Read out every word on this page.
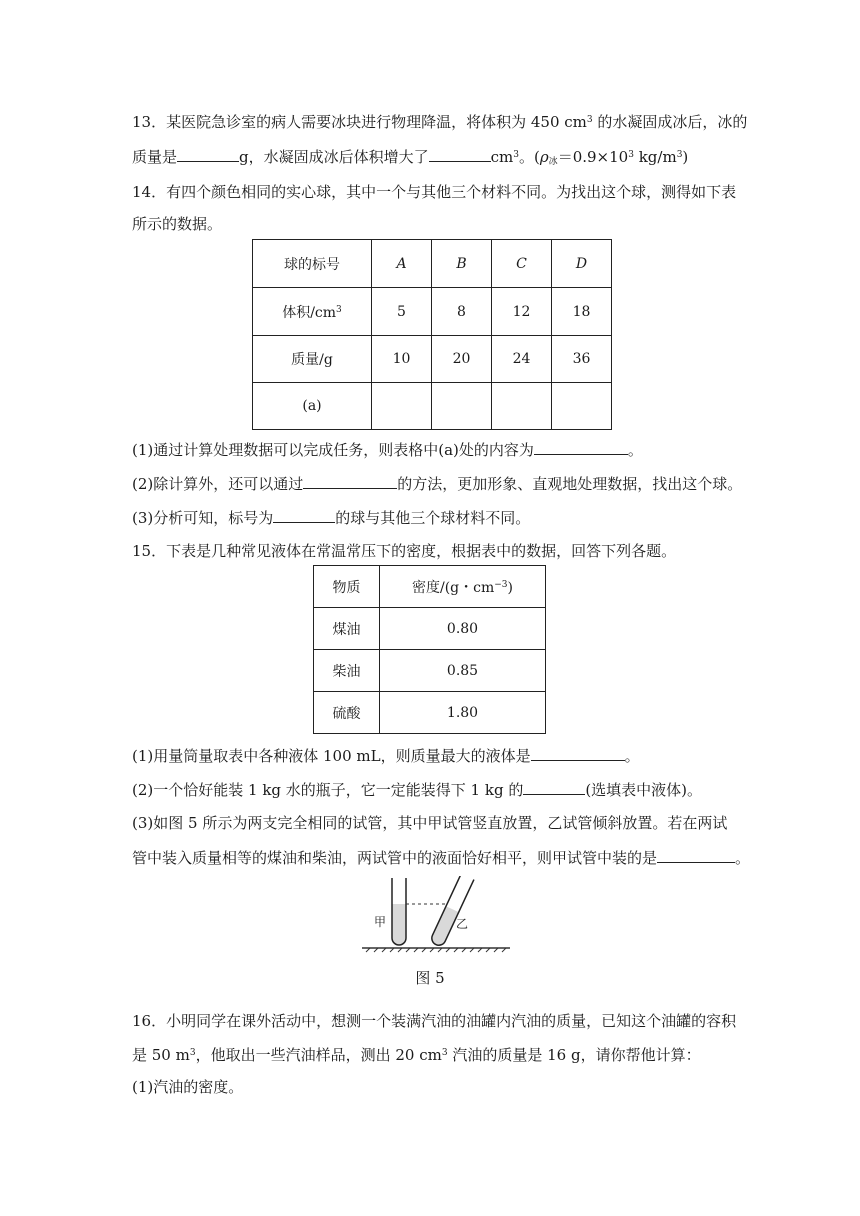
13．某医院急诊室的病人需要冰块进行物理降温，将体积为 450 $cm^3$ 的水凝固成冰后，冰的
质量是	g，水凝固成冰后体积增大了	$cm^3$。($\rho_冰=0.9\times 10^3$ $kg/m^3$)
14．有四个颜色相同的实心球，其中一个与其他三个材料不同。为找出这个球，测得如下表
所示的数据。
球的标号	A	B	C	D
体积$/cm^3$	5	8	12	18
质量/g	10	20	24	36
(a)				
(1)通过计算处理数据可以完成任务，则表格中(a)处的内容为	。
(2)除计算外，还可以通过	的方法，更加形象、直观地处理数据，找出这个球。
(3)分析可知，标号为	的球与其他三个球材料不同。
15．下表是几种常见液体在常温常压下的密度，根据表中的数据，回答下列各题。
物质	密度/(g・$cm^{-3}$)
煤油	0.80
柴油	0.85
硫酸	1.80
(1)用量筒量取表中各种液体 100 mL，则质量最大的液体是	。
(2)一个恰好能装 1 kg 水的瓶子，它一定能装得下 1 kg 的	(选填表中液体)。
(3)如图 5 所示为两支完全相同的试管，其中甲试管竖直放置，乙试管倾斜放置。若在两试
管中装入质量相等的煤油和柴油，两试管中的液面恰好相平，则甲试管中装的是	。
甲	乙
图 5
16．小明同学在课外活动中，想测一个装满汽油的油罐内汽油的质量，已知这个油罐的容积
是 50 $m^3$，他取出一些汽油样品，测出 20 $cm^3$ 汽油的质量是 16 g，请你帮他计算：
(1)汽油的密度。
